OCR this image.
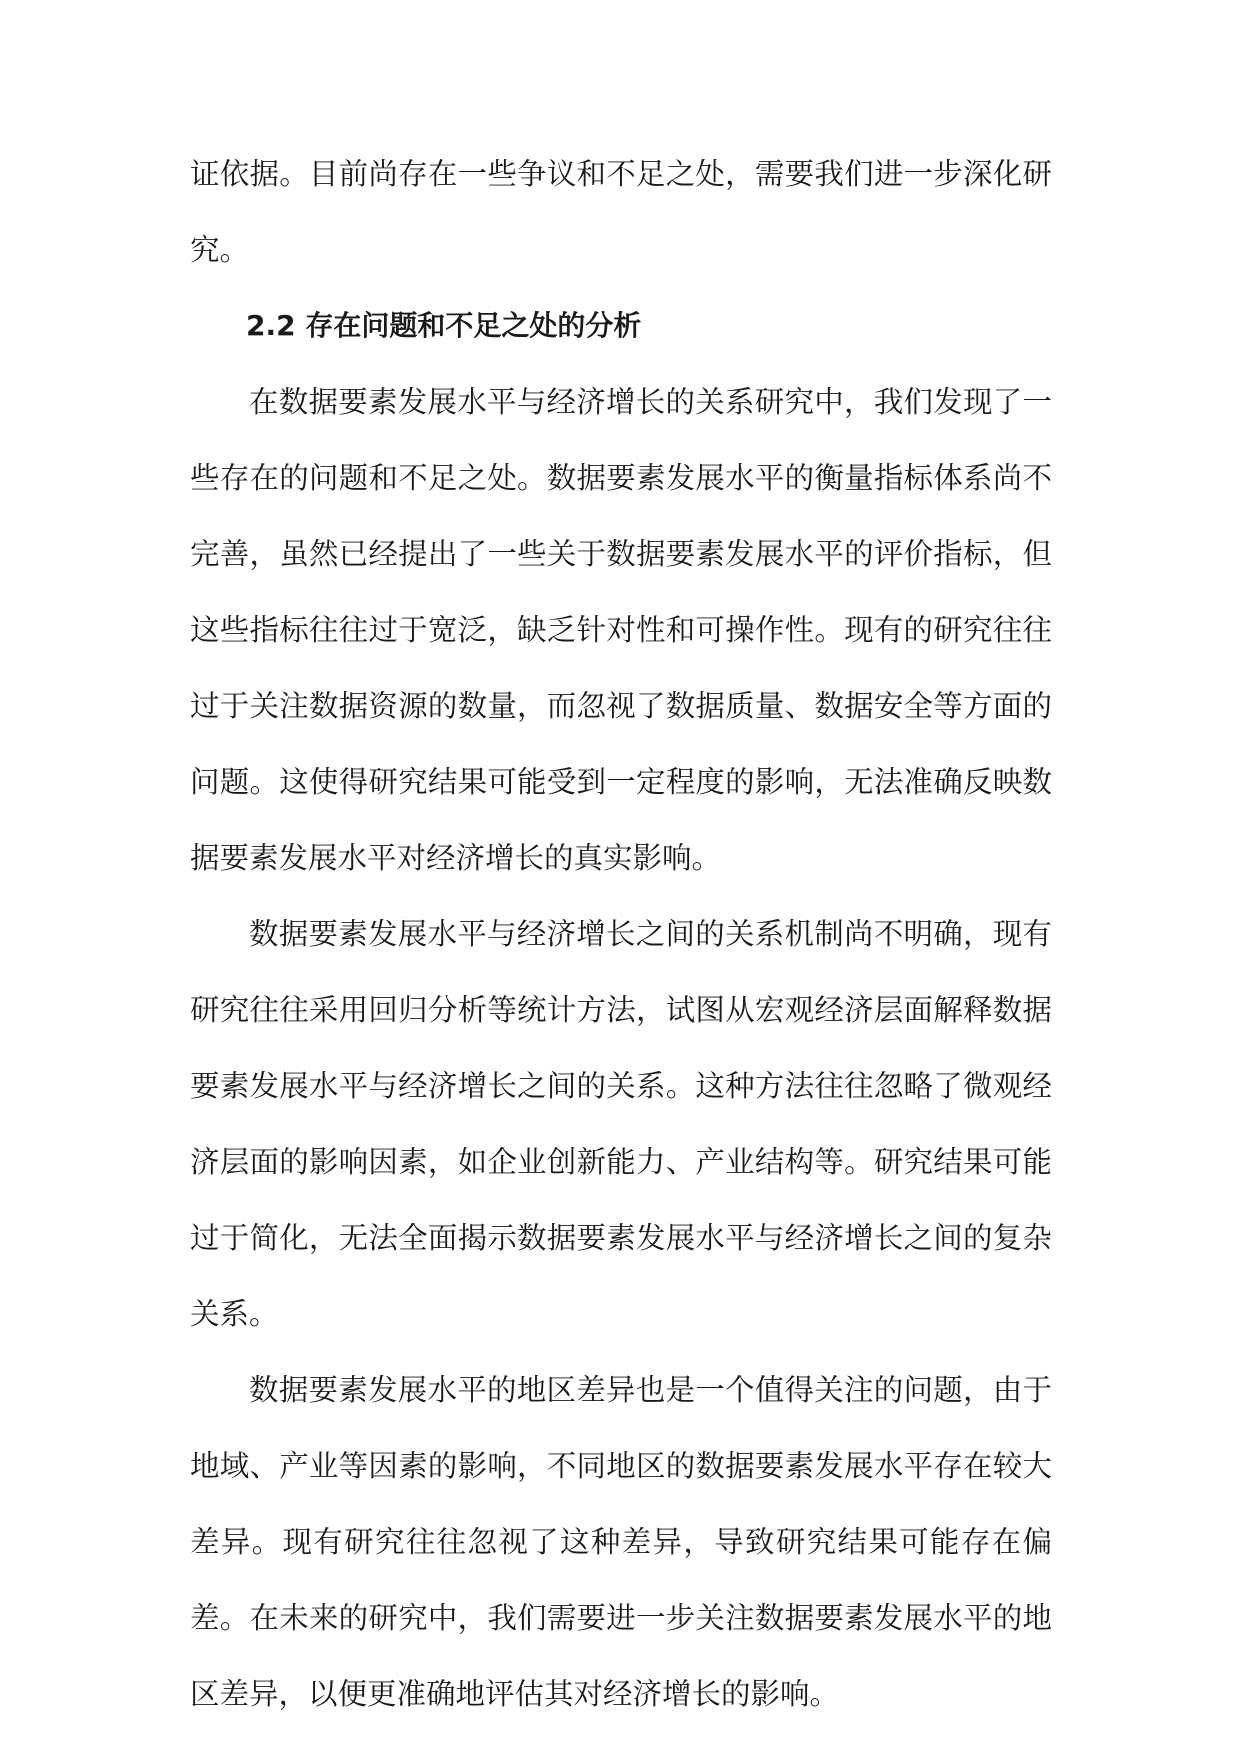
证依据。目前尚存在一些争议和不足之处，需要我们进一步深化研究。

2.2 存在问题和不足之处的分析

在数据要素发展水平与经济增长的关系研究中，我们发现了一些存在的问题和不足之处。数据要素发展水平的衡量指标体系尚不完善，虽然已经提出了一些关于数据要素发展水平的评价指标，但这些指标往往过于宽泛，缺乏针对性和可操作性。现有的研究往往过于关注数据资源的数量，而忽视了数据质量、数据安全等方面的问题。这使得研究结果可能受到一定程度的影响，无法准确反映数据要素发展水平对经济增长的真实影响。

数据要素发展水平与经济增长之间的关系机制尚不明确，现有研究往往采用回归分析等统计方法，试图从宏观经济层面解释数据要素发展水平与经济增长之间的关系。这种方法往往忽略了微观经济层面的影响因素，如企业创新能力、产业结构等。研究结果可能过于简化，无法全面揭示数据要素发展水平与经济增长之间的复杂关系。

数据要素发展水平的地区差异也是一个值得关注的问题，由于地域、产业等因素的影响，不同地区的数据要素发展水平存在较大差异。现有研究往往忽视了这种差异，导致研究结果可能存在偏差。在未来的研究中，我们需要进一步关注数据要素发展水平的地区差异，以便更准确地评估其对经济增长的影响。
